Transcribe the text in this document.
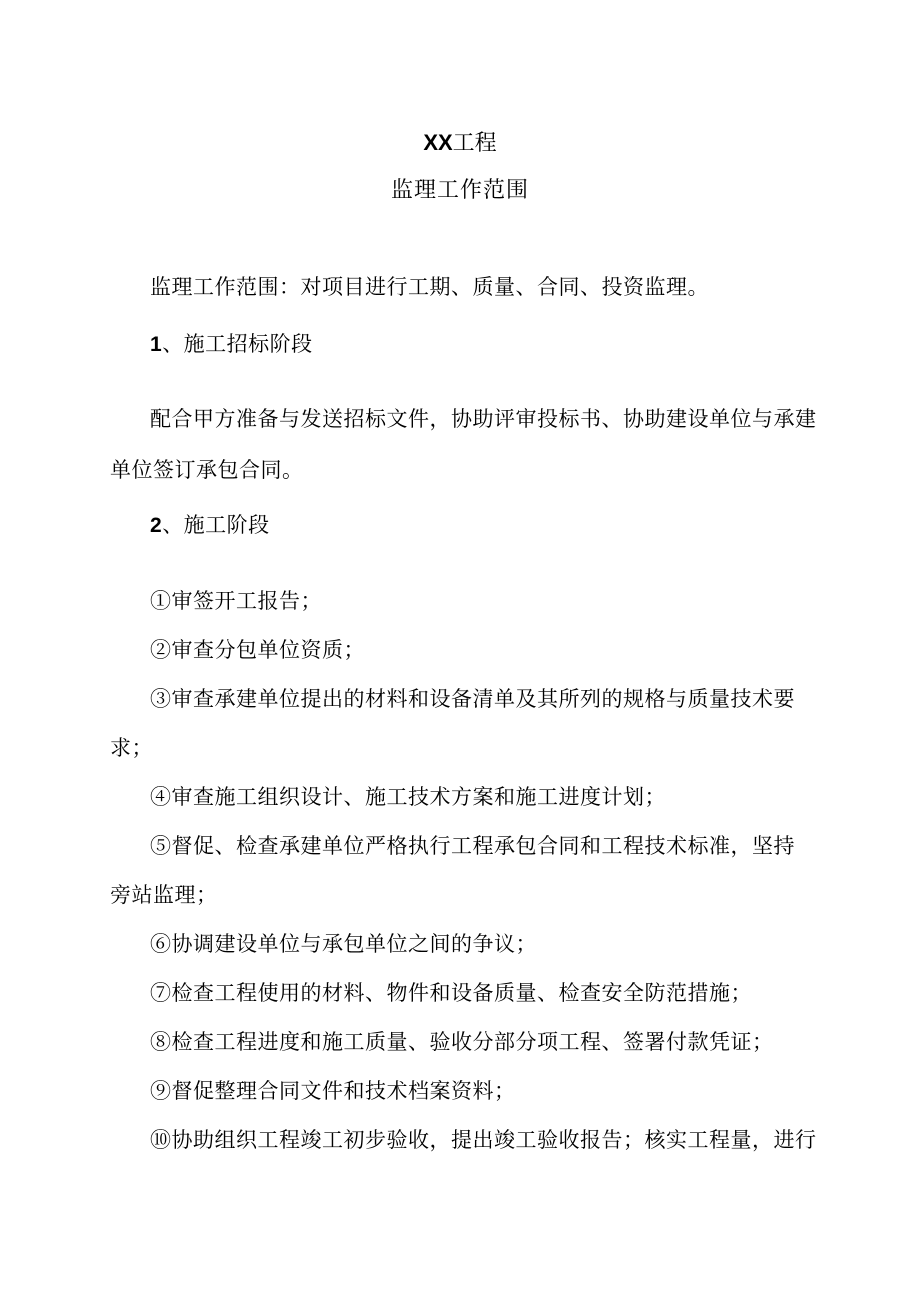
XX工程
监理工作范围
监理工作范围：对项目进行工期、质量、合同、投资监理。
1、施工招标阶段
配合甲方准备与发送招标文件，协助评审投标书、协助建设单位与承建
单位签订承包合同。
2、施工阶段
①审签开工报告；
②审查分包单位资质；
③审查承建单位提出的材料和设备清单及其所列的规格与质量技术要
求；
④审查施工组织设计、施工技术方案和施工进度计划；
⑤督促、检查承建单位严格执行工程承包合同和工程技术标准，坚持
旁站监理；
⑥协调建设单位与承包单位之间的争议；
⑦检查工程使用的材料、物件和设备质量、检查安全防范措施；
⑧检查工程进度和施工质量、验收分部分项工程、签署付款凭证；
⑨督促整理合同文件和技术档案资料；
⑩协助组织工程竣工初步验收，提出竣工验收报告；核实工程量，进行
